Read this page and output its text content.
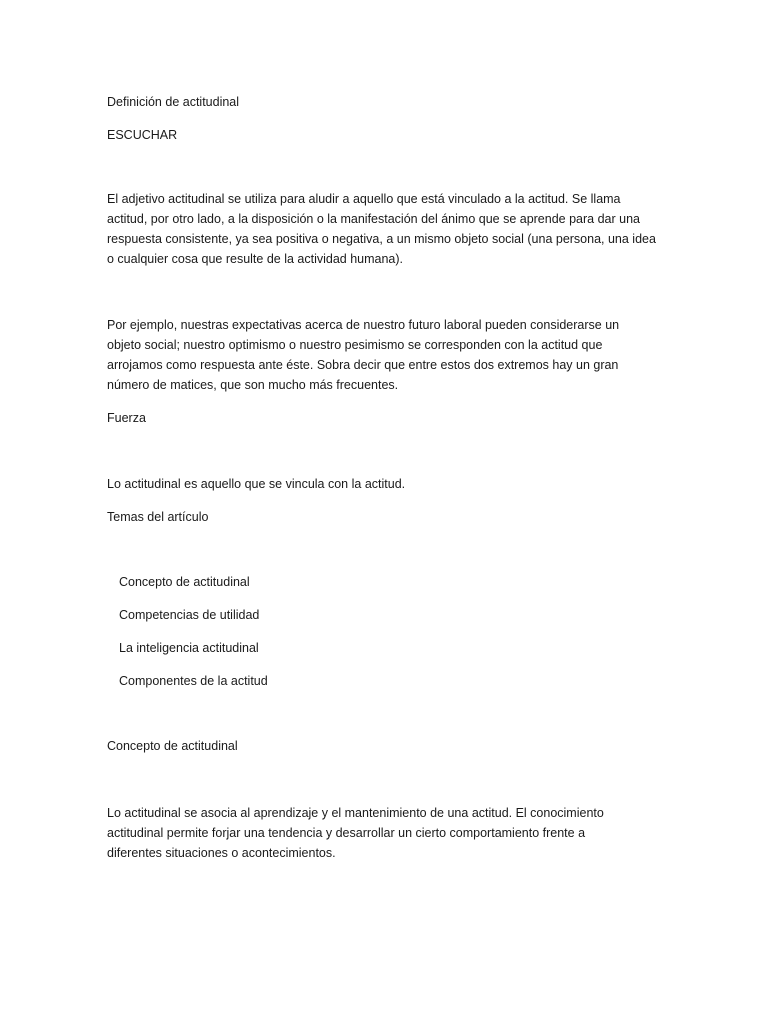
Definición de actitudinal
ESCUCHAR
El adjetivo actitudinal se utiliza para aludir a aquello que está vinculado a la actitud. Se llama
actitud, por otro lado, a la disposición o la manifestación del ánimo que se aprende para dar una
respuesta consistente, ya sea positiva o negativa, a un mismo objeto social (una persona, una idea
o cualquier cosa que resulte de la actividad humana).
Por ejemplo, nuestras expectativas acerca de nuestro futuro laboral pueden considerarse un
objeto social; nuestro optimismo o nuestro pesimismo se corresponden con la actitud que
arrojamos como respuesta ante éste. Sobra decir que entre estos dos extremos hay un gran
número de matices, que son mucho más frecuentes.
Fuerza
Lo actitudinal es aquello que se vincula con la actitud.
Temas del artículo
Concepto de actitudinal
Competencias de utilidad
La inteligencia actitudinal
Componentes de la actitud
Concepto de actitudinal
Lo actitudinal se asocia al aprendizaje y el mantenimiento de una actitud. El conocimiento
actitudinal permite forjar una tendencia y desarrollar un cierto comportamiento frente a
diferentes situaciones o acontecimientos.
